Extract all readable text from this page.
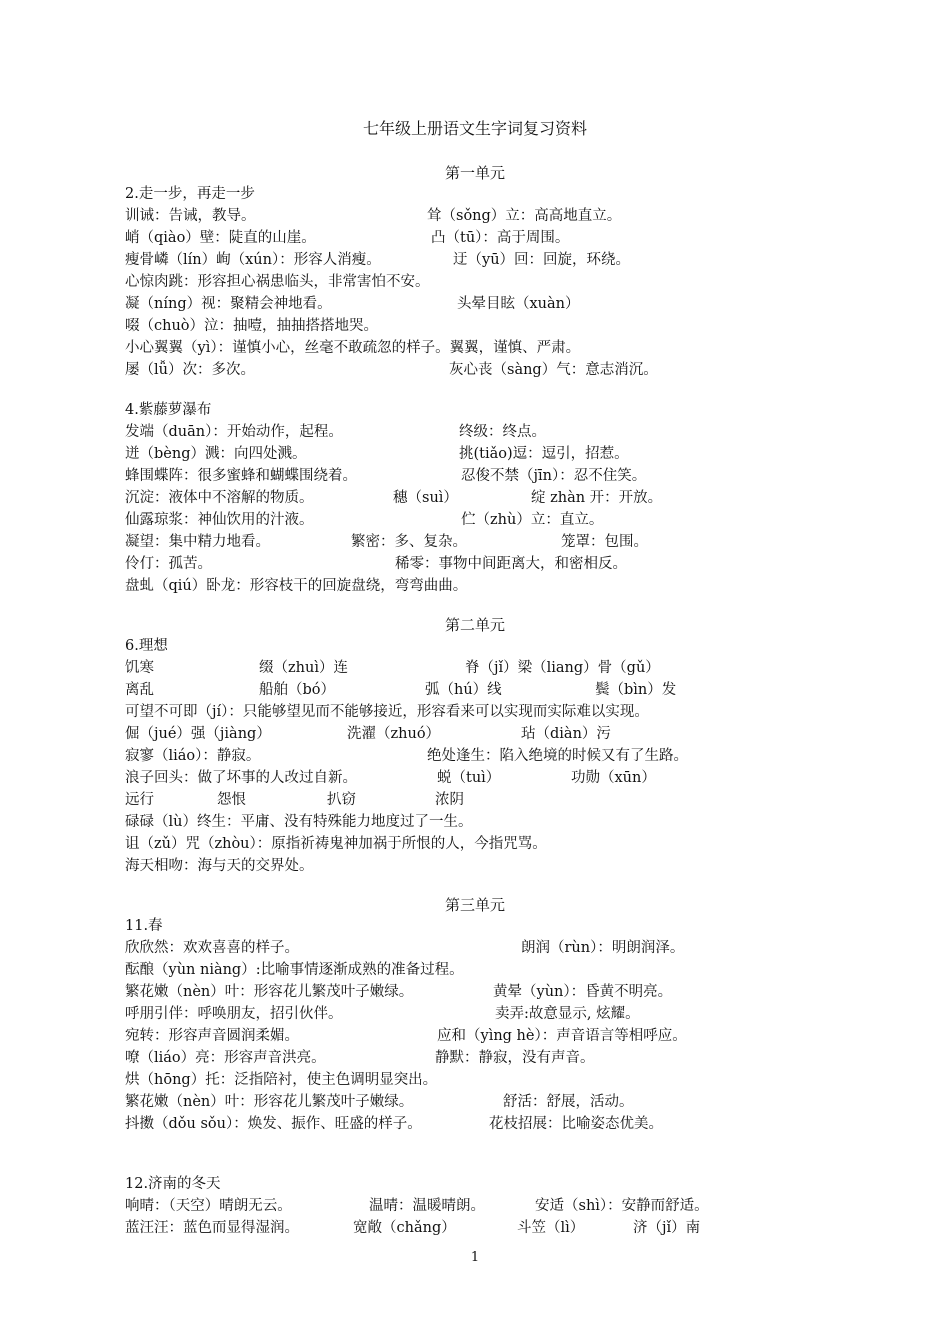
七年级上册语文生字词复习资料
第一单元
2.走一步，再走一步
训诫：告诫，教导。	耸（sǒng）立：高高地直立。
峭（qiào）壁：陡直的山崖。	凸（tū）：高于周围。
瘦骨嶙（lín）峋（xún）：形容人消瘦。	迂（yū）回：回旋，环绕。
心惊肉跳：形容担心祸患临头，非常害怕不安。
凝（níng）视：聚精会神地看。	头晕目眩（xuàn）
啜（chuò）泣：抽噎，抽抽搭搭地哭。
小心翼翼（yì）：谨慎小心，丝毫不敢疏忽的样子。翼翼，谨慎、严肃。
屡（lǚ）次：多次。	灰心丧（sàng）气：意志消沉。
4.紫藤萝瀑布
发端（duān）：开始动作，起程。	终级：终点。
迸（bèng）溅：向四处溅。	挑(tiǎo)逗：逗引，招惹。
蜂围蝶阵：很多蜜蜂和蝴蝶围绕着。	忍俊不禁（jīn）：忍不住笑。
沉淀：液体中不溶解的物质。	穗（suì）	绽 zhàn 开：开放。
仙露琼浆：神仙饮用的汁液。	伫（zhù）立：直立。
凝望：集中精力地看。	繁密：多、复杂。	笼罩：包围。
伶仃：孤苦。	稀零：事物中间距离大，和密相反。
盘虬（qiú）卧龙：形容枝干的回旋盘绕，弯弯曲曲。
第二单元
6.理想
饥寒	缀（zhuì）连	脊（jǐ）梁（liang）骨（gǔ）
离乱	船舶（bó）	弧（hú）线	鬓（bìn）发
可望不可即（jí）：只能够望见而不能够接近，形容看来可以实现而实际难以实现。
倔（jué）强（jiàng）	洗濯（zhuó）	玷（diàn）污
寂寥（liáo）：静寂。	绝处逢生：陷入绝境的时候又有了生路。
浪子回头：做了坏事的人改过自新。	蜕（tuì）	功勋（xūn）
远行	怨恨	扒窃	浓阴
碌碌（lù）终生：平庸、没有特殊能力地度过了一生。
诅（zǔ）咒（zhòu）：原指祈祷鬼神加祸于所恨的人，今指咒骂。
海天相吻：海与天的交界处。
第三单元
11.春
欣欣然：欢欢喜喜的样子。	朗润（rùn）：明朗润泽。
酝酿（yùn niàng）:比喻事情逐渐成熟的准备过程。
繁花嫩（nèn）叶：形容花儿繁茂叶子嫩绿。	黄晕（yùn）：昏黄不明亮。
呼朋引伴：呼唤朋友，招引伙伴。	卖弄:故意显示, 炫耀。
宛转：形容声音圆润柔媚。	应和（yìng hè）：声音语言等相呼应。
嘹（liáo）亮：形容声音洪亮。	静默：静寂，没有声音。
烘（hōng）托：泛指陪衬，使主色调明显突出。
繁花嫩（nèn）叶：形容花儿繁茂叶子嫩绿。	舒活：舒展，活动。
抖擞（dǒu sǒu）：焕发、振作、旺盛的样子。	花枝招展：比喻姿态优美。
12.济南的冬天
响晴：（天空）晴朗无云。	温晴：温暖晴朗。	安适（shì）：安静而舒适。
蓝汪汪：蓝色而显得湿润。	宽敞（chǎng）	斗笠（lì）	济（jǐ）南
1
